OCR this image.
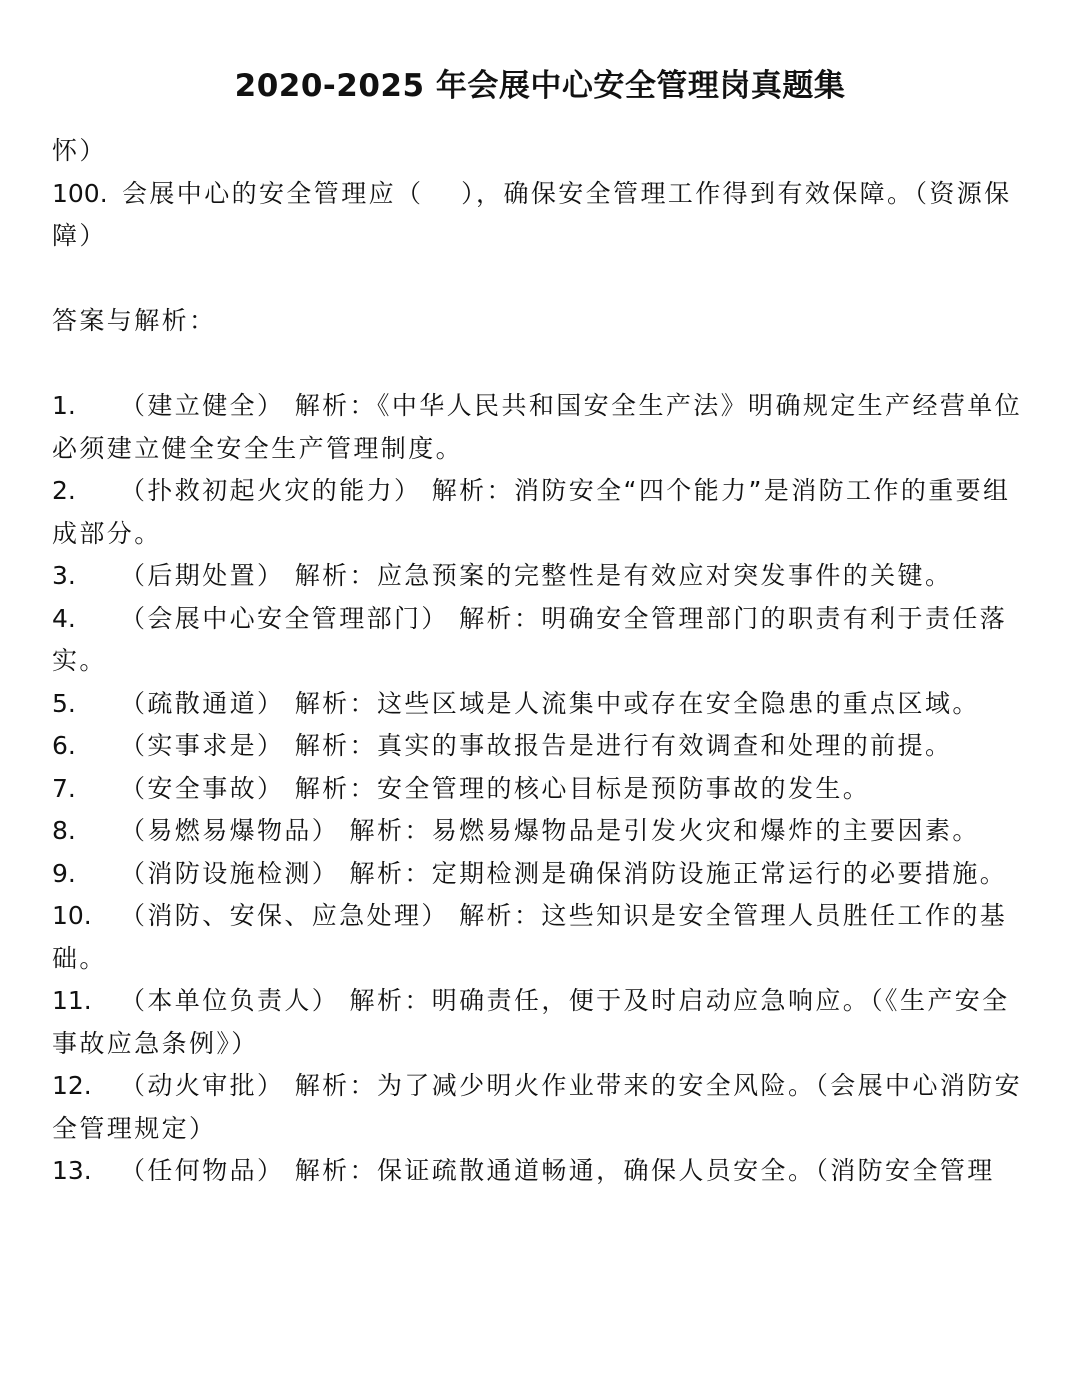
2020-2025 年会展中心安全管理岗真题集

怀）

100. 会展中心的安全管理应（　 ），确保安全管理工作得到有效保障。（资源保障）

答案与解析：

1. （建立健全） 解析：《中华人民共和国安全生产法》明确规定生产经营单位必须建立健全安全生产管理制度。

2. （扑救初起火灾的能力） 解析：消防安全“四个能力”是消防工作的重要组成部分。

3. （后期处置） 解析：应急预案的完整性是有效应对突发事件的关键。

4. （会展中心安全管理部门） 解析：明确安全管理部门的职责有利于责任落实。

5. （疏散通道） 解析：这些区域是人流集中或存在安全隐患的重点区域。

6. （实事求是） 解析：真实的事故报告是进行有效调查和处理的前提。

7. （安全事故） 解析：安全管理的核心目标是预防事故的发生。

8. （易燃易爆物品） 解析：易燃易爆物品是引发火灾和爆炸的主要因素。

9. （消防设施检测） 解析：定期检测是确保消防设施正常运行的必要措施。

10. （消防、安保、应急处理） 解析：这些知识是安全管理人员胜任工作的基础。

11. （本单位负责人） 解析：明确责任，便于及时启动应急响应。（《生产安全事故应急条例》）

12. （动火审批） 解析：为了减少明火作业带来的安全风险。（会展中心消防安全管理规定）

13. （任何物品） 解析：保证疏散通道畅通，确保人员安全。（消防安全管理
